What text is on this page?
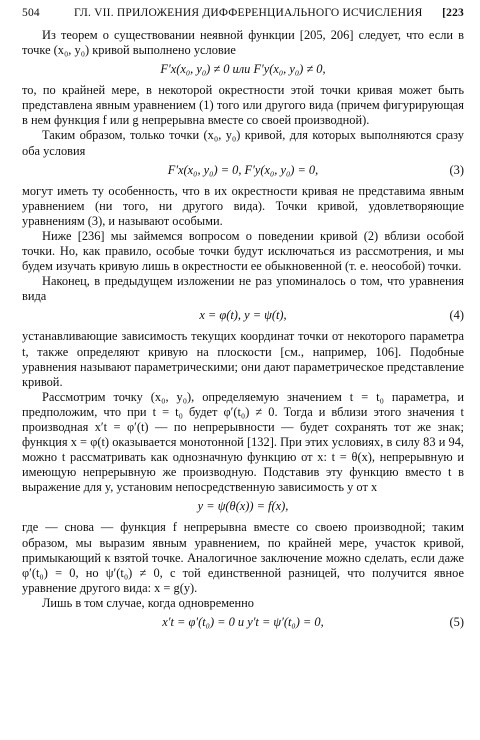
504	ГЛ. VII. ПРИЛОЖЕНИЯ ДИФФЕРЕНЦИАЛЬНОГО ИСЧИСЛЕНИЯ	[223

Из теорем о существовании неявной функции [205, 206] следует, что если в точке (x₀, y₀) кривой выполнено условие

F′x(x₀, y₀) ≠ 0 или F′y(x₀, y₀) ≠ 0,

то, по крайней мере, в некоторой окрестности этой точки кривая может быть представлена явным уравнением (1) того или другого вида (причем фигурирующая в нем функция f или g непрерывна вместе со своей производной).

Таким образом, только точки (x₀, y₀) кривой, для которых выполняются сразу оба условия

F′x(x₀, y₀) = 0, F′y(x₀, y₀) = 0,	(3)

могут иметь ту особенность, что в их окрестности кривая не представима явным уравнением (ни того, ни другого вида). Точки кривой, удовлетворяющие уравнениям (3), и называют особыми.

Ниже [236] мы займемся вопросом о поведении кривой (2) вблизи особой точки. Но, как правило, особые точки будут исключаться из рассмотрения, и мы будем изучать кривую лишь в окрестности ее обыкновенной (т. е. неособой) точки.

Наконец, в предыдущем изложении не раз упоминалось о том, что уравнения вида

x = φ(t), y = ψ(t),	(4)

устанавливающие зависимость текущих координат точки от некоторого параметра t, также определяют кривую на плоскости [см., например, 106]. Подобные уравнения называют параметрическими; они дают параметрическое представление кривой.

Рассмотрим точку (x₀, y₀), определяемую значением t = t₀ параметра, и предположим, что при t = t₀ будет φ′(t₀) ≠ 0. Тогда и вблизи этого значения t производная x′t = φ′(t) — по непрерывности — будет сохранять тот же знак; функция x = φ(t) оказывается монотонной [132]. При этих условиях, в силу 83 и 94, можно t рассматривать как однозначную функцию от x: t = θ(x), непрерывную и имеющую непрерывную же производную. Подставив эту функцию вместо t в выражение для y, установим непосредственную зависимость y от x

y = ψ(θ(x)) = f(x),

где — снова — функция f непрерывна вместе со своею производной; таким образом, мы выразим явным уравнением, по крайней мере, участок кривой, примыкающий к взятой точке. Аналогичное заключение можно сделать, если даже φ′(t₀) = 0, но ψ′(t₀) ≠ 0, с той единственной разницей, что получится явное уравнение другого вида: x = g(y).

Лишь в том случае, когда одновременно

x′t = φ′(t₀) = 0 и y′t = ψ′(t₀) = 0,	(5)
